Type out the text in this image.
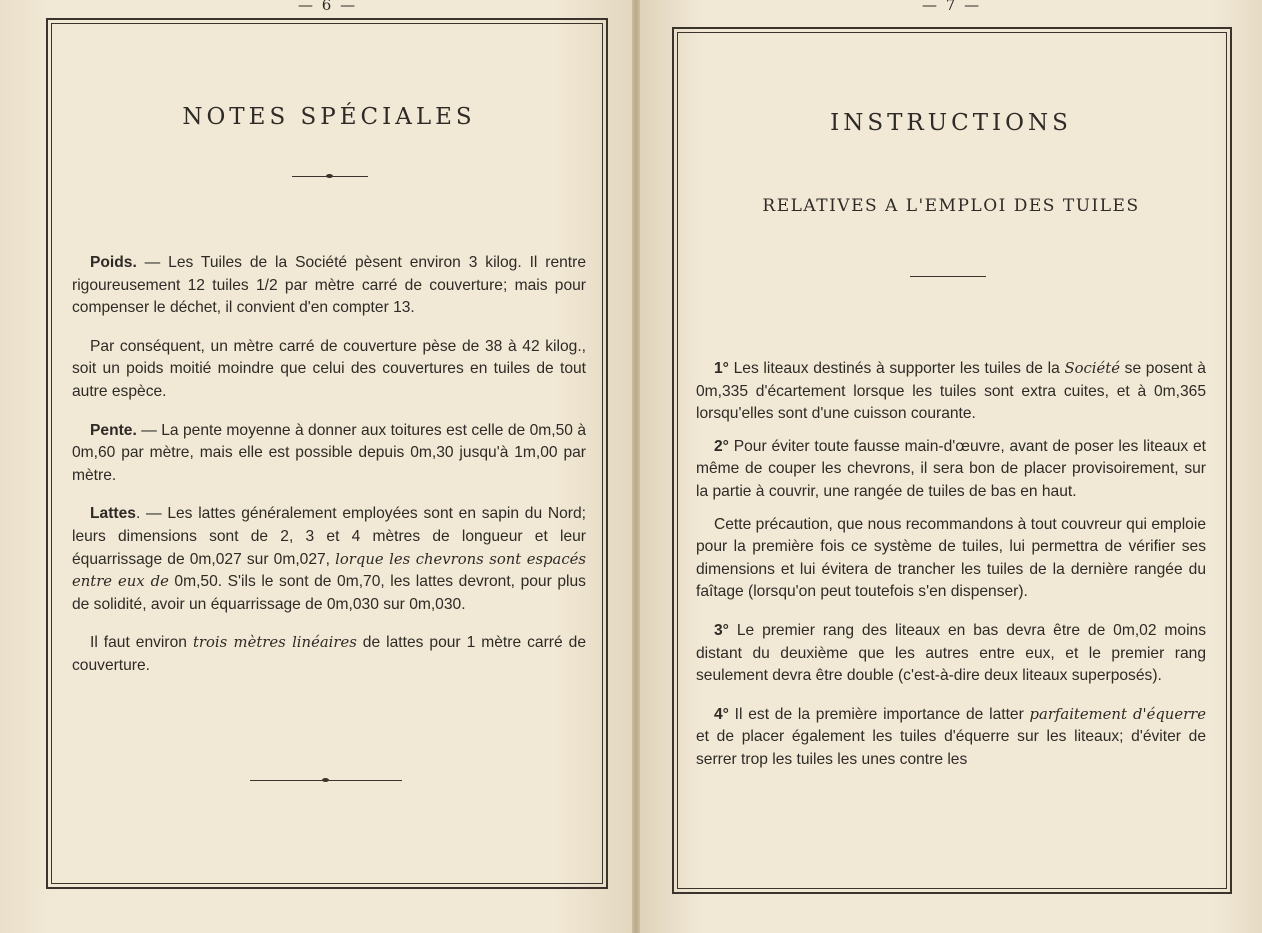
— 6 —
NOTES SPÉCIALES

Poids. — Les Tuiles de la Société pèsent environ 3 kilog. Il rentre rigoureusement 12 tuiles 1/2 par mètre carré de couverture; mais pour compenser le déchet, il convient d'en compter 13.

Par conséquent, un mètre carré de couverture pèse de 38 à 42 kilog., soit un poids moitié moindre que celui des couvertures en tuiles de tout autre espèce.

Pente. — La pente moyenne à donner aux toitures est celle de 0m,50 à 0m,60 par mètre, mais elle est possible depuis 0m,30 jusqu'à 1m,00 par mètre.

Lattes. — Les lattes généralement employées sont en sapin du Nord; leurs dimensions sont de 2, 3 et 4 mètres de longueur et leur équarrissage de 0m,027 sur 0m,027, lorque les chevrons sont espacés entre eux de 0m,50. S'ils le sont de 0m,70, les lattes devront, pour plus de solidité, avoir un équarrissage de 0m,030 sur 0m,030.

Il faut environ trois mètres linéaires de lattes pour 1 mètre carré de couverture.

— 7 —
INSTRUCTIONS
RELATIVES A L'EMPLOI DES TUILES

1° Les liteaux destinés à supporter les tuiles de la Société se posent à 0m,335 d'écartement lorsque les tuiles sont extra cuites, et à 0m,365 lorsqu'elles sont d'une cuisson courante.

2° Pour éviter toute fausse main-d'œuvre, avant de poser les liteaux et même de couper les chevrons, il sera bon de placer provisoirement, sur la partie à couvrir, une rangée de tuiles de bas en haut.

Cette précaution, que nous recommandons à tout couvreur qui emploie pour la première fois ce système de tuiles, lui permettra de vérifier ses dimensions et lui évitera de trancher les tuiles de la dernière rangée du faîtage (lorsqu'on peut toutefois s'en dispenser).

3° Le premier rang des liteaux en bas devra être de 0m,02 moins distant du deuxième que les autres entre eux, et le premier rang seulement devra être double (c'est-à-dire deux liteaux superposés).

4° Il est de la première importance de latter parfaitement d'équerre et de placer également les tuiles d'équerre sur les liteaux; d'éviter de serrer trop les tuiles les unes contre les
